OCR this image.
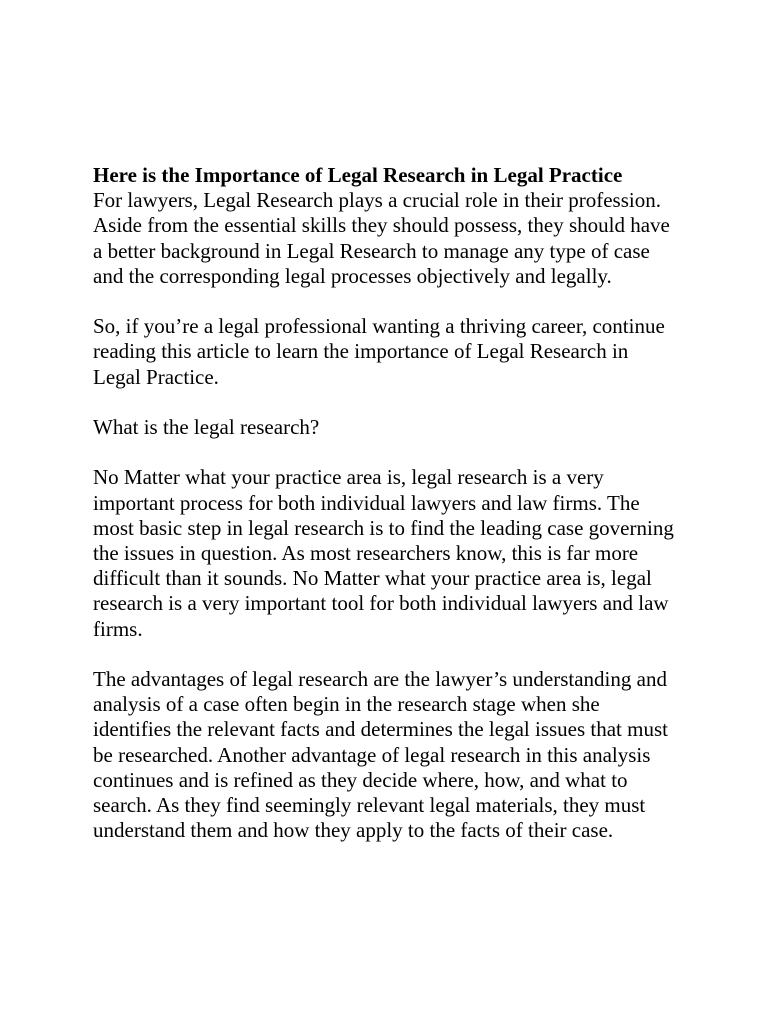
Here is the Importance of Legal Research in Legal Practice

For lawyers, Legal Research plays a crucial role in their profession. Aside from the essential skills they should possess, they should have a better background in Legal Research to manage any type of case and the corresponding legal processes objectively and legally.

So, if you’re a legal professional wanting a thriving career, continue reading this article to learn the importance of Legal Research in Legal Practice.

What is the legal research?

No Matter what your practice area is, legal research is a very important process for both individual lawyers and law firms. The most basic step in legal research is to find the leading case governing the issues in question. As most researchers know, this is far more difficult than it sounds. No Matter what your practice area is, legal research is a very important tool for both individual lawyers and law firms.

The advantages of legal research are the lawyer’s understanding and analysis of a case often begin in the research stage when she identifies the relevant facts and determines the legal issues that must be researched. Another advantage of legal research in this analysis continues and is refined as they decide where, how, and what to search. As they find seemingly relevant legal materials, they must understand them and how they apply to the facts of their case.
